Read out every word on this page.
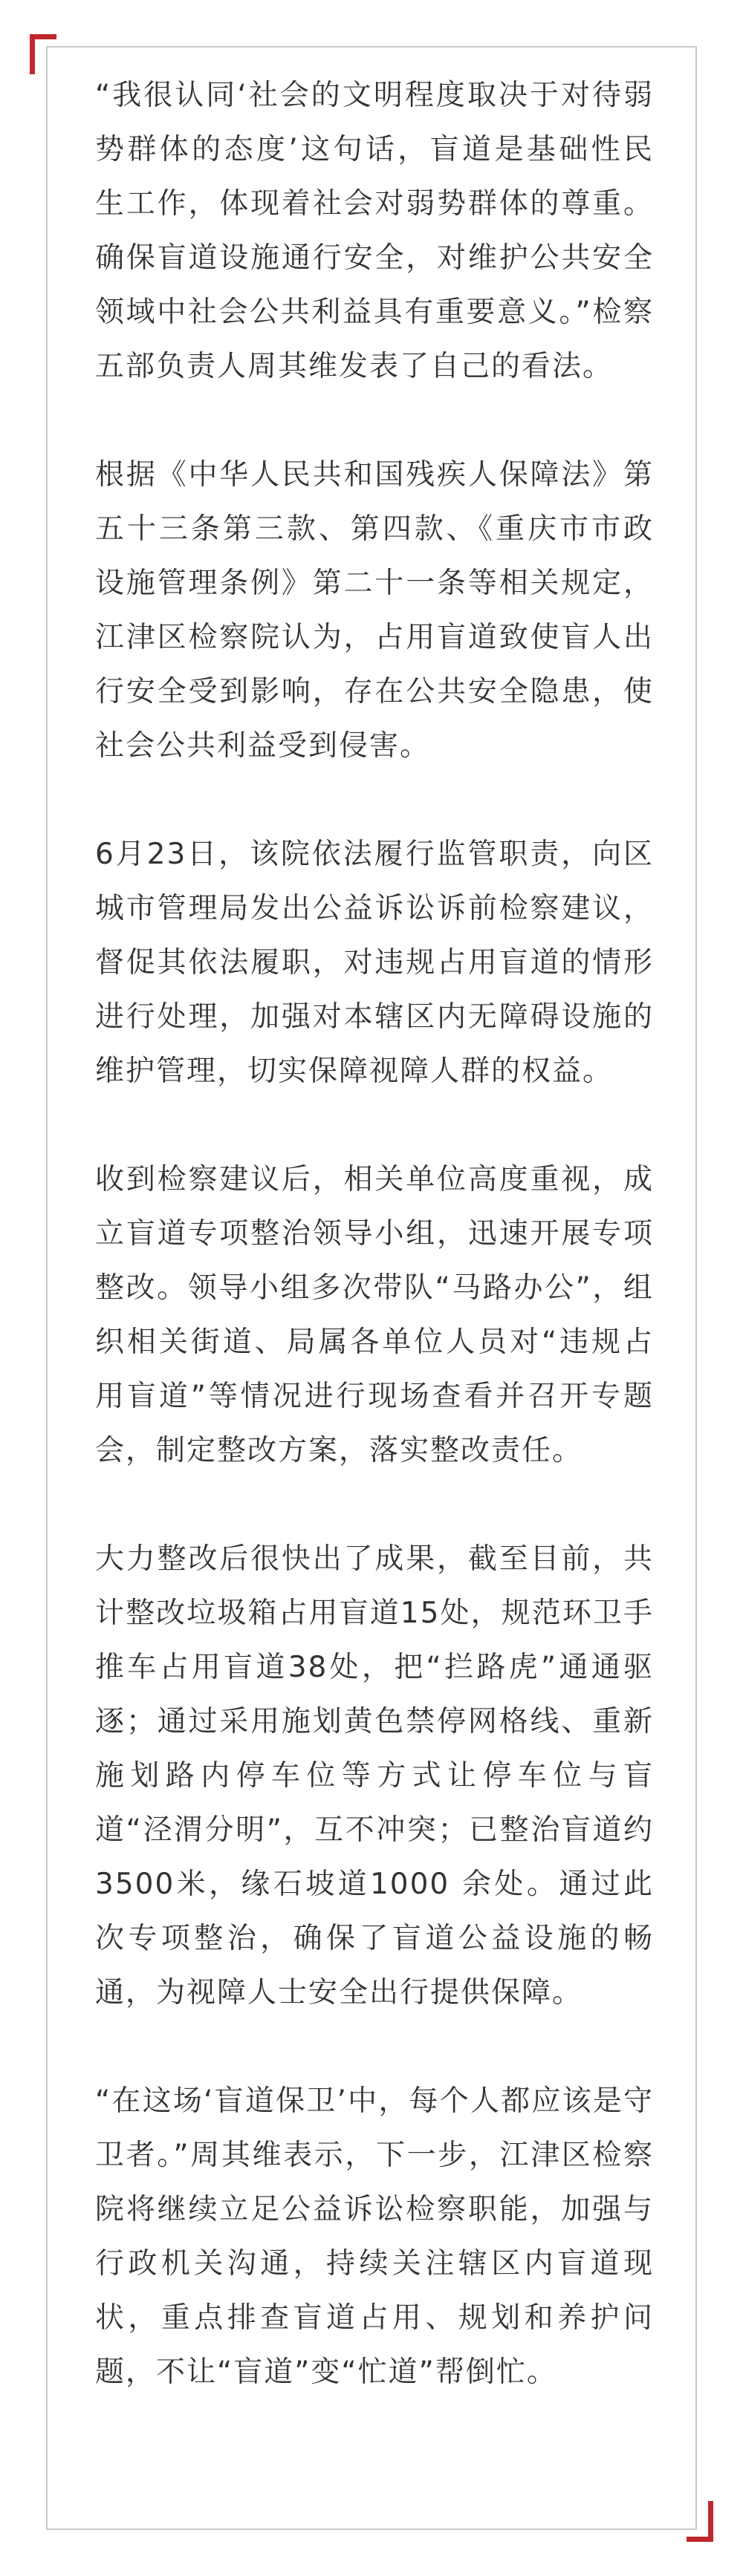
“我很认同‘社会的文明程度取决于对待弱势群体的态度’这句话，盲道是基础性民生工作，体现着社会对弱势群体的尊重。确保盲道设施通行安全，对维护公共安全领域中社会公共利益具有重要意义。”检察五部负责人周其维发表了自己的看法。

根据《中华人民共和国残疾人保障法》第五十三条第三款、第四款、《重庆市市政设施管理条例》第二十一条等相关规定，江津区检察院认为，占用盲道致使盲人出行安全受到影响，存在公共安全隐患，使社会公共利益受到侵害。

6月23日，该院依法履行监管职责，向区城市管理局发出公益诉讼诉前检察建议，督促其依法履职，对违规占用盲道的情形进行处理，加强对本辖区内无障碍设施的维护管理，切实保障视障人群的权益。

收到检察建议后，相关单位高度重视，成立盲道专项整治领导小组，迅速开展专项整改。领导小组多次带队“马路办公”，组织相关街道、局属各单位人员对“违规占用盲道”等情况进行现场查看并召开专题会，制定整改方案，落实整改责任。

大力整改后很快出了成果，截至目前，共计整改垃圾箱占用盲道15处，规范环卫手推车占用盲道38处，把“拦路虎”通通驱逐；通过采用施划黄色禁停网格线、重新施划路内停车位等方式让停车位与盲道“泾渭分明”，互不冲突；已整治盲道约3500米，缘石坡道1000 余处。通过此次专项整治，确保了盲道公益设施的畅通，为视障人士安全出行提供保障。

“在这场‘盲道保卫’中，每个人都应该是守卫者。”周其维表示，下一步，江津区检察院将继续立足公益诉讼检察职能，加强与行政机关沟通，持续关注辖区内盲道现状，重点排查盲道占用、规划和养护问题，不让“盲道”变“忙道”帮倒忙。
